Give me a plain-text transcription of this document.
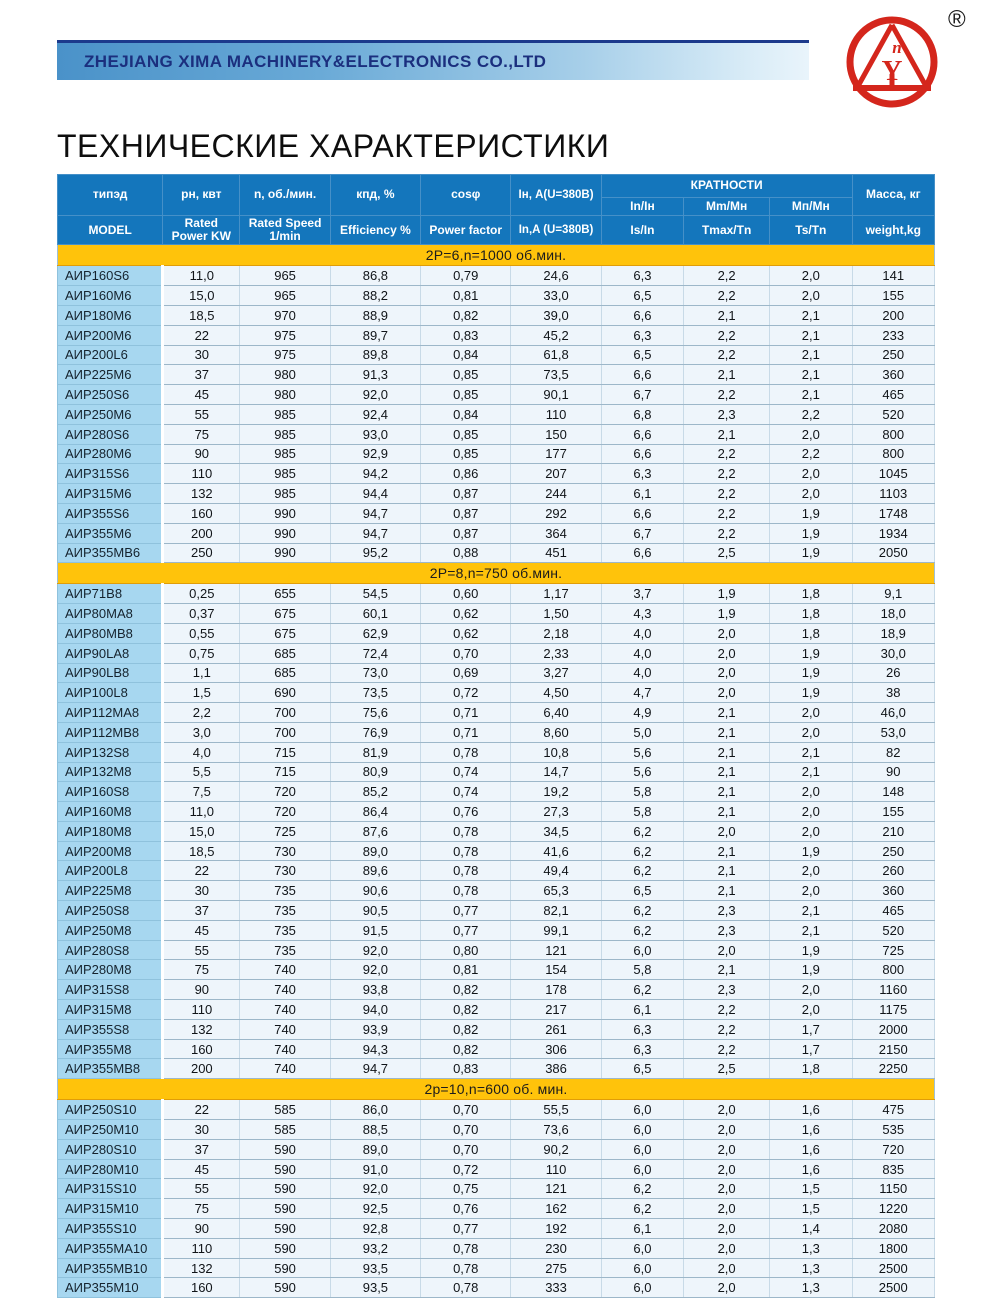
ZHEJIANG XIMA MACHINERY&ELECTRONICS CO.,LTD
n
Y
®
ТЕХНИЧЕСКИЕ ХАРАКТЕРИСТИКИ
типэд	рн, квт	n, об./мин.	кпд, %	cosφ	Iн, A(U=380В)	КРАТНОСТИ			Масса, кг
						In/Iн	Mm/Мн	Мп/Мн	
MODEL	Rated Power KW	Rated Speed 1/min	Efficiency %	Power factor	In,A (U=380B)	Is/In	Tmax/Tn	Ts/Tn	weight,kg
2P=6,n=1000 об.мин.									
АИР160S6	11,0	965	86,8	0,79	24,6	6,3	2,2	2,0	141
АИР160M6	15,0	965	88,2	0,81	33,0	6,5	2,2	2,0	155
АИР180M6	18,5	970	88,9	0,82	39,0	6,6	2,1	2,1	200
АИР200M6	22	975	89,7	0,83	45,2	6,3	2,2	2,1	233
АИР200L6	30	975	89,8	0,84	61,8	6,5	2,2	2,1	250
АИР225M6	37	980	91,3	0,85	73,5	6,6	2,1	2,1	360
АИР250S6	45	980	92,0	0,85	90,1	6,7	2,2	2,1	465
АИР250M6	55	985	92,4	0,84	110	6,8	2,3	2,2	520
АИР280S6	75	985	93,0	0,85	150	6,6	2,1	2,0	800
АИР280M6	90	985	92,9	0,85	177	6,6	2,2	2,2	800
АИР315S6	110	985	94,2	0,86	207	6,3	2,2	2,0	1045
АИР315M6	132	985	94,4	0,87	244	6,1	2,2	2,0	1103
АИР355S6	160	990	94,7	0,87	292	6,6	2,2	1,9	1748
АИР355M6	200	990	94,7	0,87	364	6,7	2,2	1,9	1934
АИР355MB6	250	990	95,2	0,88	451	6,6	2,5	1,9	2050
2P=8,n=750 об.мин.									
АИР71B8	0,25	655	54,5	0,60	1,17	3,7	1,9	1,8	9,1
АИР80MA8	0,37	675	60,1	0,62	1,50	4,3	1,9	1,8	18,0
АИР80MB8	0,55	675	62,9	0,62	2,18	4,0	2,0	1,8	18,9
АИР90LA8	0,75	685	72,4	0,70	2,33	4,0	2,0	1,9	30,0
АИР90LB8	1,1	685	73,0	0,69	3,27	4,0	2,0	1,9	26
АИР100L8	1,5	690	73,5	0,72	4,50	4,7	2,0	1,9	38
АИР112MA8	2,2	700	75,6	0,71	6,40	4,9	2,1	2,0	46,0
АИР112MB8	3,0	700	76,9	0,71	8,60	5,0	2,1	2,0	53,0
АИР132S8	4,0	715	81,9	0,78	10,8	5,6	2,1	2,1	82
АИР132M8	5,5	715	80,9	0,74	14,7	5,6	2,1	2,1	90
АИР160S8	7,5	720	85,2	0,74	19,2	5,8	2,1	2,0	148
АИР160M8	11,0	720	86,4	0,76	27,3	5,8	2,1	2,0	155
АИР180M8	15,0	725	87,6	0,78	34,5	6,2	2,0	2,0	210
АИР200M8	18,5	730	89,0	0,78	41,6	6,2	2,1	1,9	250
АИР200L8	22	730	89,6	0,78	49,4	6,2	2,1	2,0	260
АИР225M8	30	735	90,6	0,78	65,3	6,5	2,1	2,0	360
АИР250S8	37	735	90,5	0,77	82,1	6,2	2,3	2,1	465
АИР250M8	45	735	91,5	0,77	99,1	6,2	2,3	2,1	520
АИР280S8	55	735	92,0	0,80	121	6,0	2,0	1,9	725
АИР280M8	75	740	92,0	0,81	154	5,8	2,1	1,9	800
АИР315S8	90	740	93,8	0,82	178	6,2	2,3	2,0	1160
АИР315M8	110	740	94,0	0,82	217	6,1	2,2	2,0	1175
АИР355S8	132	740	93,9	0,82	261	6,3	2,2	1,7	2000
АИР355M8	160	740	94,3	0,82	306	6,3	2,2	1,7	2150
АИР355MB8	200	740	94,7	0,83	386	6,5	2,5	1,8	2250
2p=10,n=600 об. мин.									
АИР250S10	22	585	86,0	0,70	55,5	6,0	2,0	1,6	475
АИР250M10	30	585	88,5	0,70	73,6	6,0	2,0	1,6	535
АИР280S10	37	590	89,0	0,70	90,2	6,0	2,0	1,6	720
АИР280M10	45	590	91,0	0,72	110	6,0	2,0	1,6	835
АИР315S10	55	590	92,0	0,75	121	6,2	2,0	1,5	1150
АИР315M10	75	590	92,5	0,76	162	6,2	2,0	1,5	1220
АИР355S10	90	590	92,8	0,77	192	6,1	2,0	1,4	2080
АИР355MA10	110	590	93,2	0,78	230	6,0	2,0	1,3	1800
АИР355MB10	132	590	93,5	0,78	275	6,0	2,0	1,3	2500
АИР355M10	160	590	93,5	0,78	333	6,0	2,0	1,3	2500
